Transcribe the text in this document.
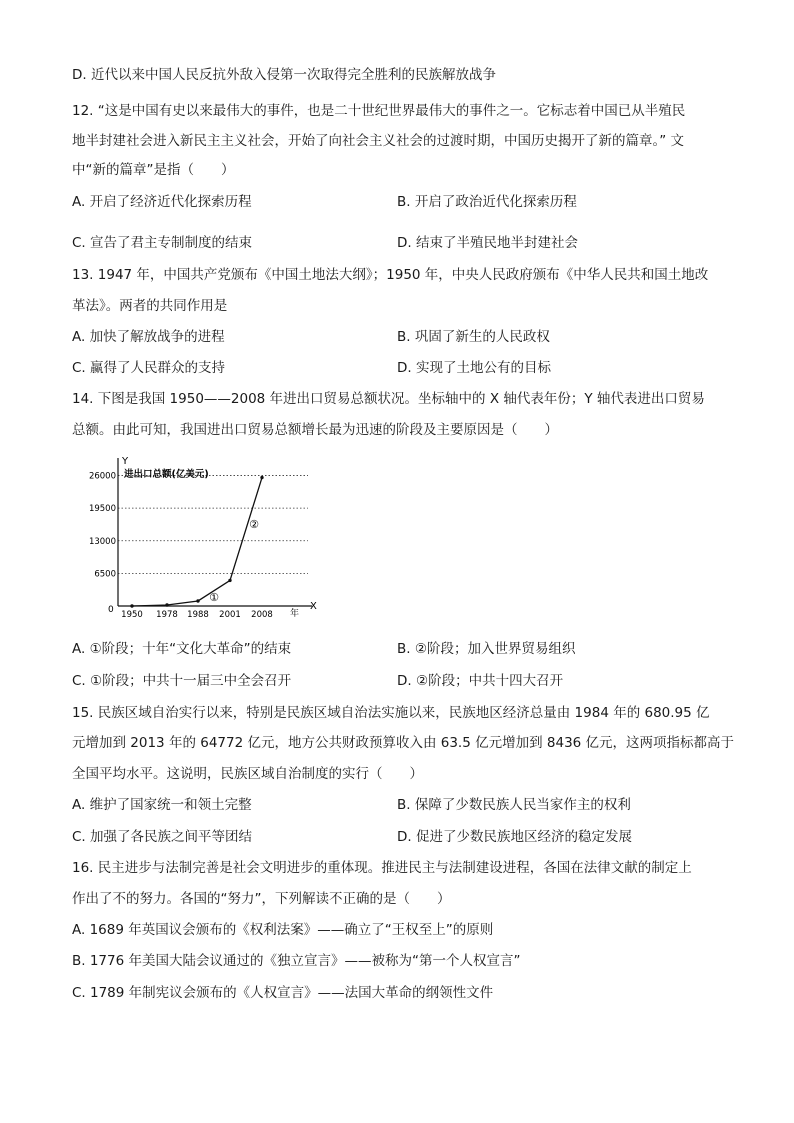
D. 近代以来中国人民反抗外敌入侵第一次取得完全胜利的民族解放战争
12. “这是中国有史以来最伟大的事件，也是二十世纪世界最伟大的事件之一。它标志着中国已从半殖民
地半封建社会进入新民主主义社会，开始了向社会主义社会的过渡时期，中国历史揭开了新的篇章。” 文
中“新的篇章”是指（　　）
A. 开启了经济近代化探索历程	B. 开启了政治近代化探索历程
C. 宣告了君主专制制度的结束	D. 结束了半殖民地半封建社会
13. 1947 年，中国共产党颁布《中国土地法大纲》；1950 年，中央人民政府颁布《中华人民共和国土地改
革法》。两者的共同作用是
A. 加快了解放战争的进程	B. 巩固了新生的人民政权
C. 赢得了人民群众的支持	D. 实现了土地公有的目标
14. 下图是我国 1950——2008 年进出口贸易总额状况。坐标轴中的 X 轴代表年份；Y 轴代表进出口贸易
总额。由此可知，我国进出口贸易总额增长最为迅速的阶段及主要原因是（　　）
Y
X
年
0
进出口总额(亿美元)
6500
13000
19500
26000
1950 1978 1988 2001 2008
①
②
A. ①阶段；十年“文化大革命”的结束	B. ②阶段；加入世界贸易组织
C. ①阶段；中共十一届三中全会召开	D. ②阶段；中共十四大召开
15. 民族区域自治实行以来，特别是民族区域自治法实施以来，民族地区经济总量由 1984 年的 680.95 亿
元增加到 2013 年的 64772 亿元，地方公共财政预算收入由 63.5 亿元增加到 8436 亿元，这两项指标都高于
全国平均水平。这说明，民族区域自治制度的实行（　　）
A. 维护了国家统一和领土完整	B. 保障了少数民族人民当家作主的权利
C. 加强了各民族之间平等团结	D. 促进了少数民族地区经济的稳定发展
16. 民主进步与法制完善是社会文明进步的重体现。推进民主与法制建设进程，各国在法律文献的制定上
作出了不的努力。各国的“努力”，下列解读不正确的是（　　）
A. 1689 年英国议会颁布的《权利法案》——确立了“王权至上”的原则
B. 1776 年美国大陆会议通过的《独立宣言》——被称为“第一个人权宣言”
C. 1789 年制宪议会颁布的《人权宣言》——法国大革命的纲领性文件
